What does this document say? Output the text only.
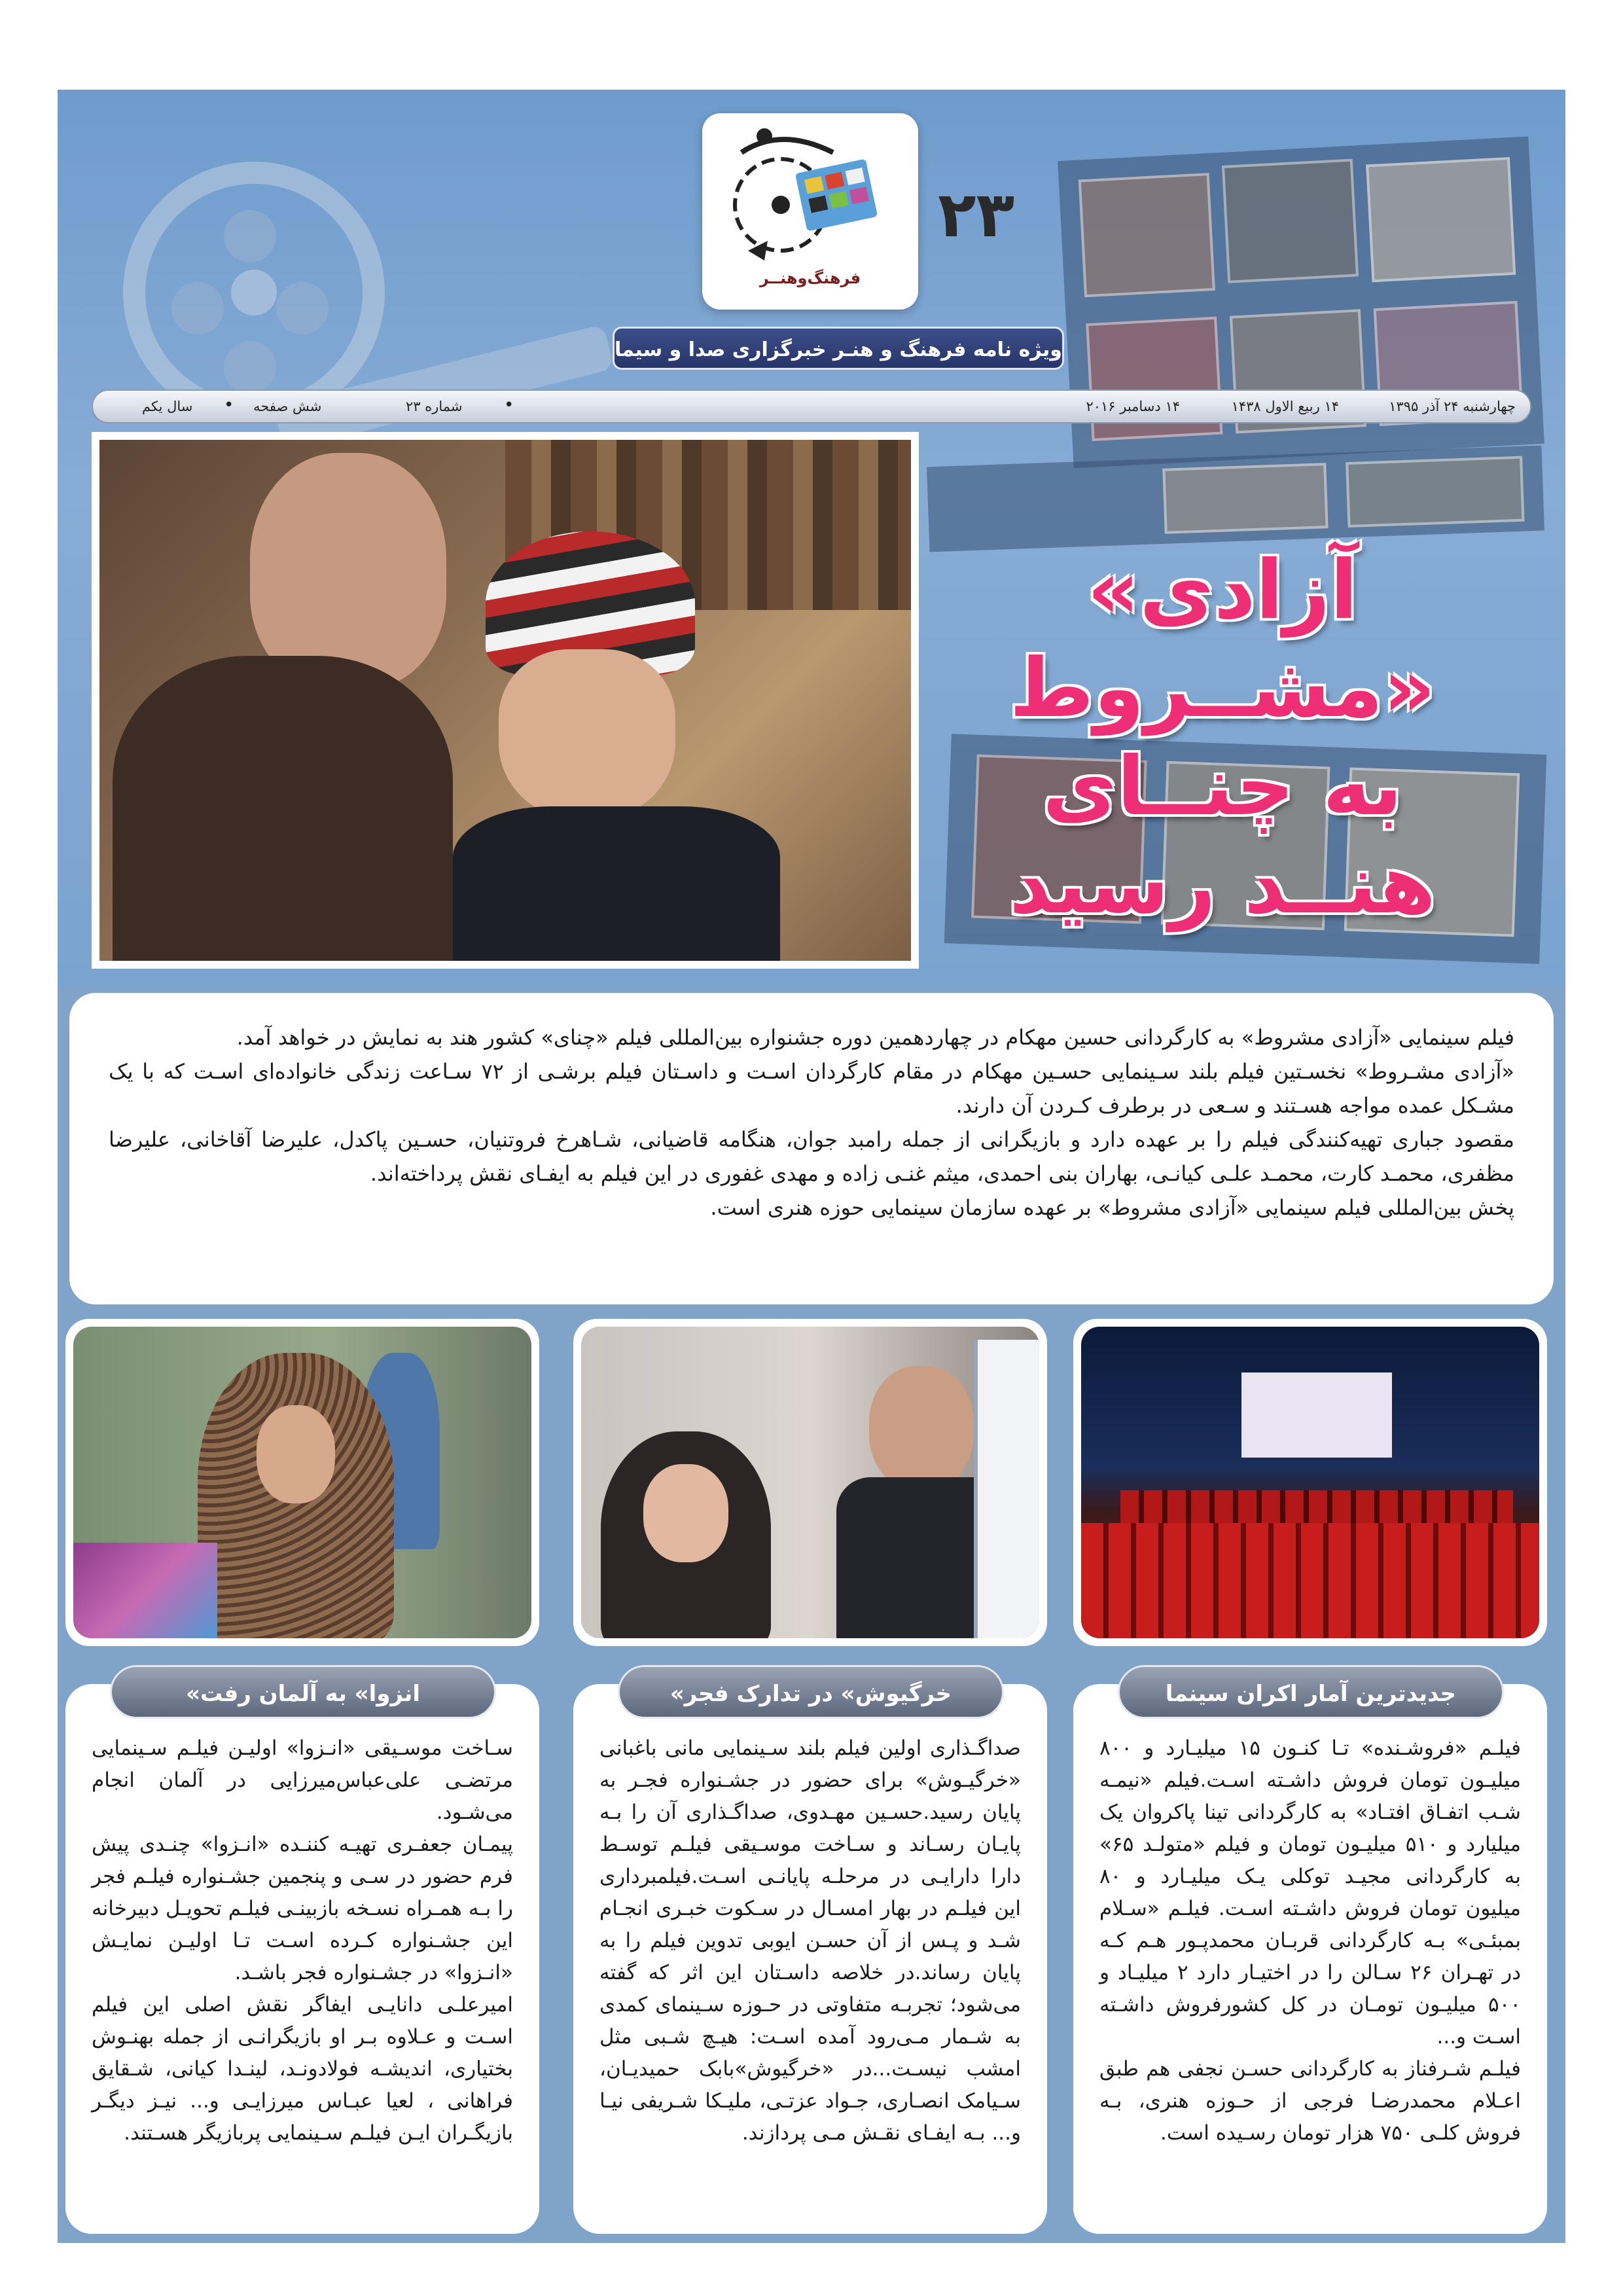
فرهنگ‌وهنــر
۲۳
ویژه نامه فرهنگ و هنـر خبرگزاری صدا و سیما
چهارشنبه ۲۴ آذر ۱۳۹۵
۱۴ ربیع الاول ۱۴۳۸
۱۴ دسامبر ۲۰۱۶
شماره ۲۳
شش صفحه
سال یکم	•
•
«آزادی مشــروط»
به چنــای
هنــد رسید

فیلم سینمایی «آزادی مشروط» به کارگردانی حسین مهکام در چهاردهمین دوره جشنواره بین‌المللی فیلم «چنای» کشور هند به نمایش در خواهد آمد.

«آزادی مشـروط» نخسـتین فیلم بلند سـینمایی حسـین مهکام در مقام کارگردان اسـت و داسـتان فیلم برشـی از ۷۲ سـاعت زندگی خانواده‌ای اسـت که با یک مشـکل عمده مواجه هسـتند و سـعی در برطرف کـردن آن دارند.

مقصود جباری تهیه‌کنندگی فیلم را بر عهده دارد و بازیگرانی از جمله رامبد جوان، هنگامه قاضیانی، شـاهرخ فروتنیان، حسـین پاکدل، علیرضا آقاخانی، علیرضا مظفری، محمـد کارت، محمـد علـی کیانـی، بهاران بنی احمدی، میثم غنـی زاده و مهدی غفوری در این فیلم به ایفـای نقش پرداخته‌اند.

پخش بین‌المللی فیلم سینمایی «آزادی مشروط» بر عهده سازمان سینمایی حوزه هنری است.

فیلـم «فروشـنده» تـا کنـون ۱۵ میلیـارد و ۸۰۰ میلیـون تومان فروش داشـته اسـت.فیلم «نیمـه شـب اتفـاق افتـاد» به کارگردانی تینا پاکروان یک میلیارد و ۵۱۰ میلیـون تومان و فیلم «متولـد ۶۵» به کارگردانی مجیـد توکلی یـک میلیـارد و ۸۰ میلیون تومان فروش داشـته اسـت. فیلـم «سـلام بمبئـی» بـه کارگردانی قربـان محمدپـور هـم کـه در تهـران ۲۶ سـالن را در اختیـار دارد ۲ میلیـاد و ۵۰۰ میلیـون تومـان در کل کشورفروش داشـته اسـت و...

فیلـم شـرفناز به کارگردانی حسـن نجفی هم طبق اعـلام محمدرضـا فرجی از حـوزه هنری، بـه فروش کلـی ۷۵۰ هزار تومان رسـیده است.

صداگـذاری اولین فیلم بلند سـینمایی مانی باغبانی «خرگیـوش» برای حضور در جشـنواره فجـر به پایان رسید.حسـین مهـدوی، صداگـذاری آن را بـه پایـان رسـاند و سـاخت موسـیقی فیلـم توسـط دارا دارایـی در مرحلـه پایانـی اسـت.فیلمبرداری این فیلـم در بهار امسـال در سـکوت خبـری انجـام شـد و پـس از آن حسـن ایوبی تدوین فیلم را به پایان رساند.در خلاصه داسـتان این اثر که گفته می‌شود؛ تجربـه متفاوتی در حـوزه سـینمای کمدی به شـمار مـی‌رود آمده اسـت: هیـچ شـبی مثل امشب نیسـت...در «خرگیوش»بابک حمیدیـان، سـیامک انصـاری، جـواد عزتـی، ملیـکا شـریفی نیـا و... بـه ایفـای نقـش مـی پردازند.

سـاخت موسـیقی «انـزوا» اولیـن فیلـم سـینمایی مرتضـی علی‌عباس‌میرزایی در آلمان انجام می‌شـود.

پیمـان جعفـری تهیـه کننـده «انـزوا» چنـدی پیش فرم حضور در سـی و پنجمین جشـنواره فیلـم فجر را بـه همـراه نسـخه بازبینـی فیلـم تحویـل دبیرخانه این جشـنواره کـرده اسـت تـا اولیـن نمایـش «انـزوا» در جشـنواره فجر باشـد.

امیرعلـی دانایـی ایفاگر نقش اصلی این فیلم اسـت و عـلاوه بـر او بازیگرانـی از جمله بهنـوش بختیاری، اندیشـه فولادونـد، لینـدا کیانی، شـقایق فراهانی ، لعیا عبـاس میرزایـی و... نیـز دیگـر بازیگـران ایـن فیلـم سـینمایی پربازیگر هسـتند.

جدیدترین آمار اکران سینما
«خرگیوش» در تدارک فجر
«انزوا» به آلمان رفت
